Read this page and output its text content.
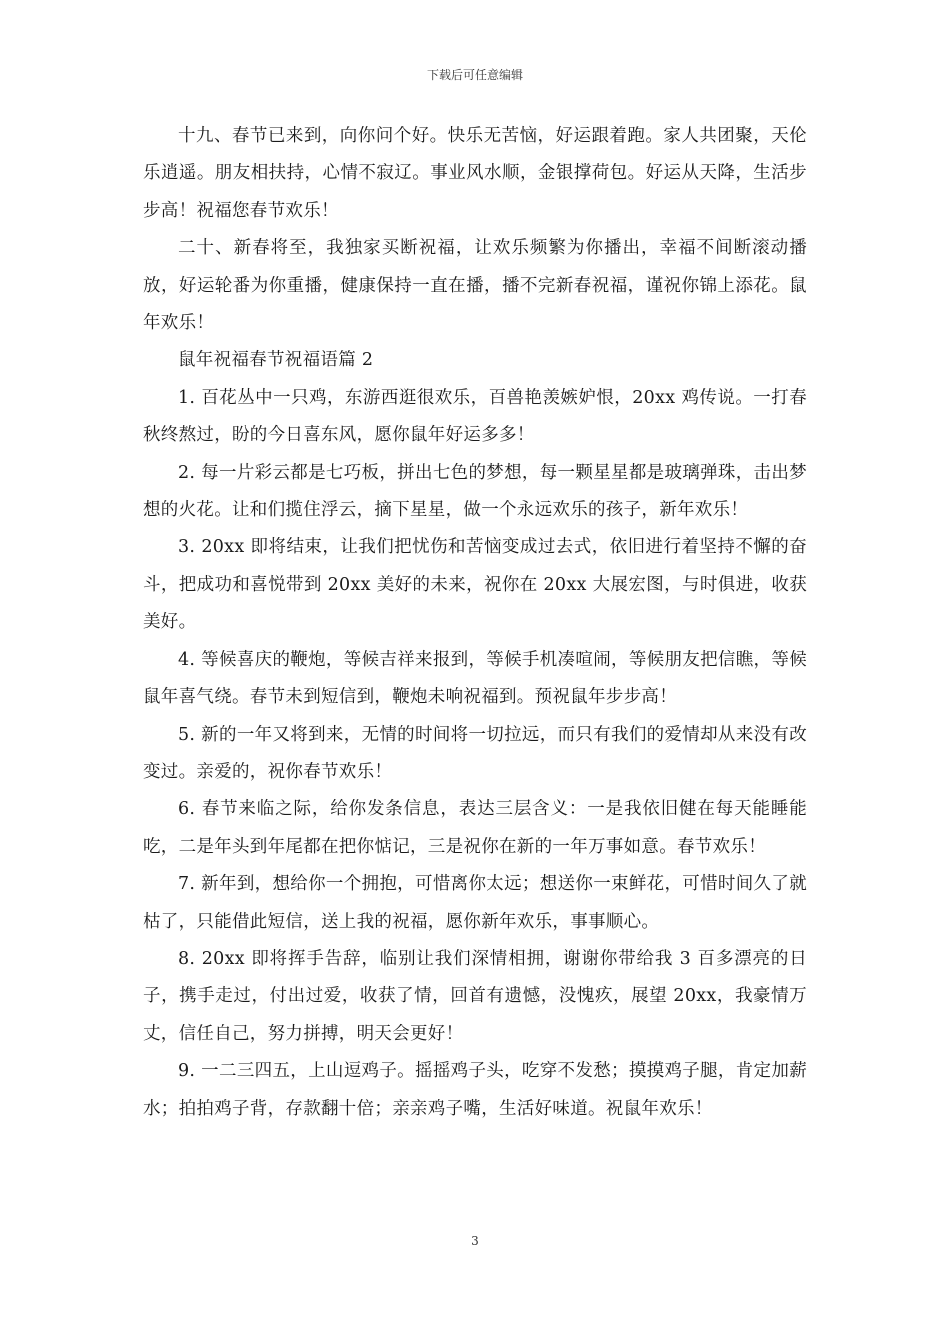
下载后可任意编辑

十九、春节已来到，向你问个好。快乐无苦恼，好运跟着跑。家人共团聚，天伦乐逍遥。朋友相扶持，心情不寂辽。事业风水顺，金银撑荷包。好运从天降，生活步步高！祝福您春节欢乐！

二十、新春将至，我独家买断祝福，让欢乐频繁为你播出，幸福不间断滚动播放，好运轮番为你重播，健康保持一直在播，播不完新春祝福，谨祝你锦上添花。鼠年欢乐！

鼠年祝福春节祝福语篇 2

1. 百花丛中一只鸡，东游西逛很欢乐，百兽艳羡嫉妒恨，20xx 鸡传说。一打春秋终熬过，盼的今日喜东风，愿你鼠年好运多多！

2. 每一片彩云都是七巧板，拼出七色的梦想，每一颗星星都是玻璃弹珠，击出梦想的火花。让和们揽住浮云，摘下星星，做一个永远欢乐的孩子，新年欢乐！

3. 20xx 即将结束，让我们把忧伤和苦恼变成过去式，依旧进行着坚持不懈的奋斗，把成功和喜悦带到 20xx 美好的未来，祝你在 20xx 大展宏图，与时俱进，收获美好。

4. 等候喜庆的鞭炮，等候吉祥来报到，等候手机凑喧闹，等候朋友把信瞧，等候鼠年喜气绕。春节未到短信到，鞭炮未响祝福到。预祝鼠年步步高！

5. 新的一年又将到来，无情的时间将一切拉远，而只有我们的爱情却从来没有改变过。亲爱的，祝你春节欢乐！

6. 春节来临之际，给你发条信息，表达三层含义：一是我依旧健在每天能睡能吃，二是年头到年尾都在把你惦记，三是祝你在新的一年万事如意。春节欢乐！

7. 新年到，想给你一个拥抱，可惜离你太远；想送你一束鲜花，可惜时间久了就枯了，只能借此短信，送上我的祝福，愿你新年欢乐，事事顺心。

8. 20xx 即将挥手告辞，临别让我们深情相拥，谢谢你带给我 3 百多漂亮的日子，携手走过，付出过爱，收获了情，回首有遗憾，没愧疚，展望 20xx，我豪情万丈，信任自己，努力拼搏，明天会更好！

9. 一二三四五，上山逗鸡子。摇摇鸡子头，吃穿不发愁；摸摸鸡子腿，肯定加薪水；拍拍鸡子背，存款翻十倍；亲亲鸡子嘴，生活好味道。祝鼠年欢乐！

3
